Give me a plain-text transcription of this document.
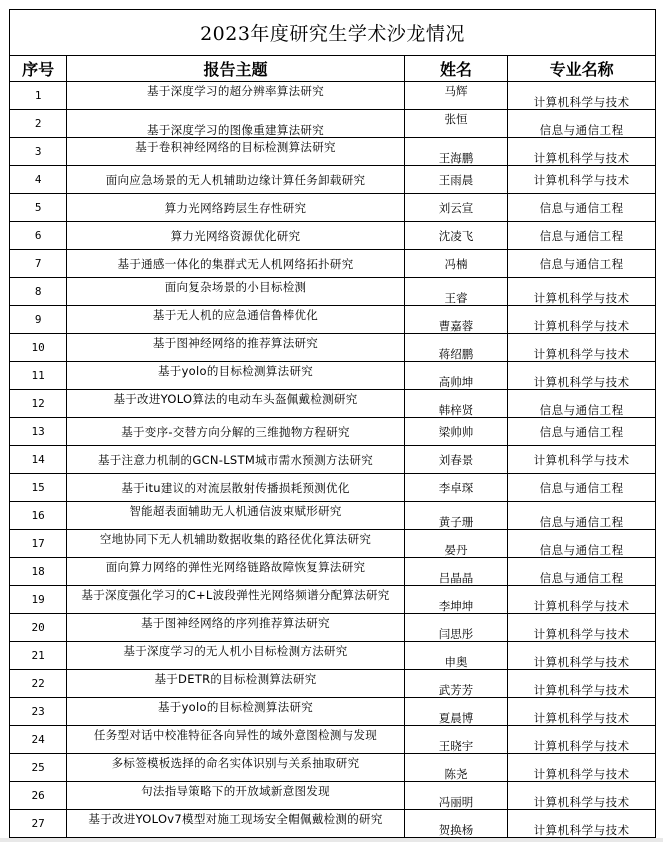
2023年度研究生学术沙龙情况			
序号	报告主题	姓名	专业名称

1	基于深度学习的超分辨率算法研究	马辉	计算机科学与技术

2	基于深度学习的图像重建算法研究	张恒	信息与通信工程

3	基于卷积神经网络的目标检测算法研究	王海鹏	计算机科学与技术

4	面向应急场景的无人机辅助边缘计算任务卸载研究	王雨晨	计算机科学与技术

5	算力光网络跨层生存性研究	刘云宣	信息与通信工程

6	算力光网络资源优化研究	沈凌飞	信息与通信工程

7	基于通感一体化的集群式无人机网络拓扑研究	冯楠	信息与通信工程

8	面向复杂场景的小目标检测	王睿	计算机科学与技术

9	基于无人机的应急通信鲁棒优化	曹嘉蓉	计算机科学与技术

10	基于图神经网络的推荐算法研究	蒋绍鹏	计算机科学与技术

11	基于yolo的目标检测算法研究	高帅坤	计算机科学与技术

12	基于改进YOLO算法的电动车头盔佩戴检测研究	韩梓贤	信息与通信工程

13	基于变序-交替方向分解的三维抛物方程研究	梁帅帅	信息与通信工程

14	基于注意力机制的GCN-LSTM城市需水预测方法研究	刘春景	计算机科学与技术

15	基于itu建议的对流层散射传播损耗预测优化	李卓琛	信息与通信工程

16	智能超表面辅助无人机通信波束赋形研究	黄子珊	信息与通信工程

17	空地协同下无人机辅助数据收集的路径优化算法研究	晏丹	信息与通信工程

18	面向算力网络的弹性光网络链路故障恢复算法研究	吕晶晶	信息与通信工程

19	基于深度强化学习的C+L波段弹性光网络频谱分配算法研究	李坤坤	计算机科学与技术

20	基于图神经网络的序列推荐算法研究	闫思彤	计算机科学与技术

21	基于深度学习的无人机小目标检测方法研究	申奥	计算机科学与技术

22	基于DETR的目标检测算法研究	武芳芳	计算机科学与技术

23	基于yolo的目标检测算法研究	夏晨博	计算机科学与技术

24	任务型对话中校准特征各向异性的域外意图检测与发现	王晓宇	计算机科学与技术

25	多标签模板选择的命名实体识别与关系抽取研究	陈尧	计算机科学与技术

26	句法指导策略下的开放域新意图发现	冯丽明	计算机科学与技术

27	基于改进YOLOv7模型对施工现场安全帽佩戴检测的研究	贺换杨	计算机科学与技术
